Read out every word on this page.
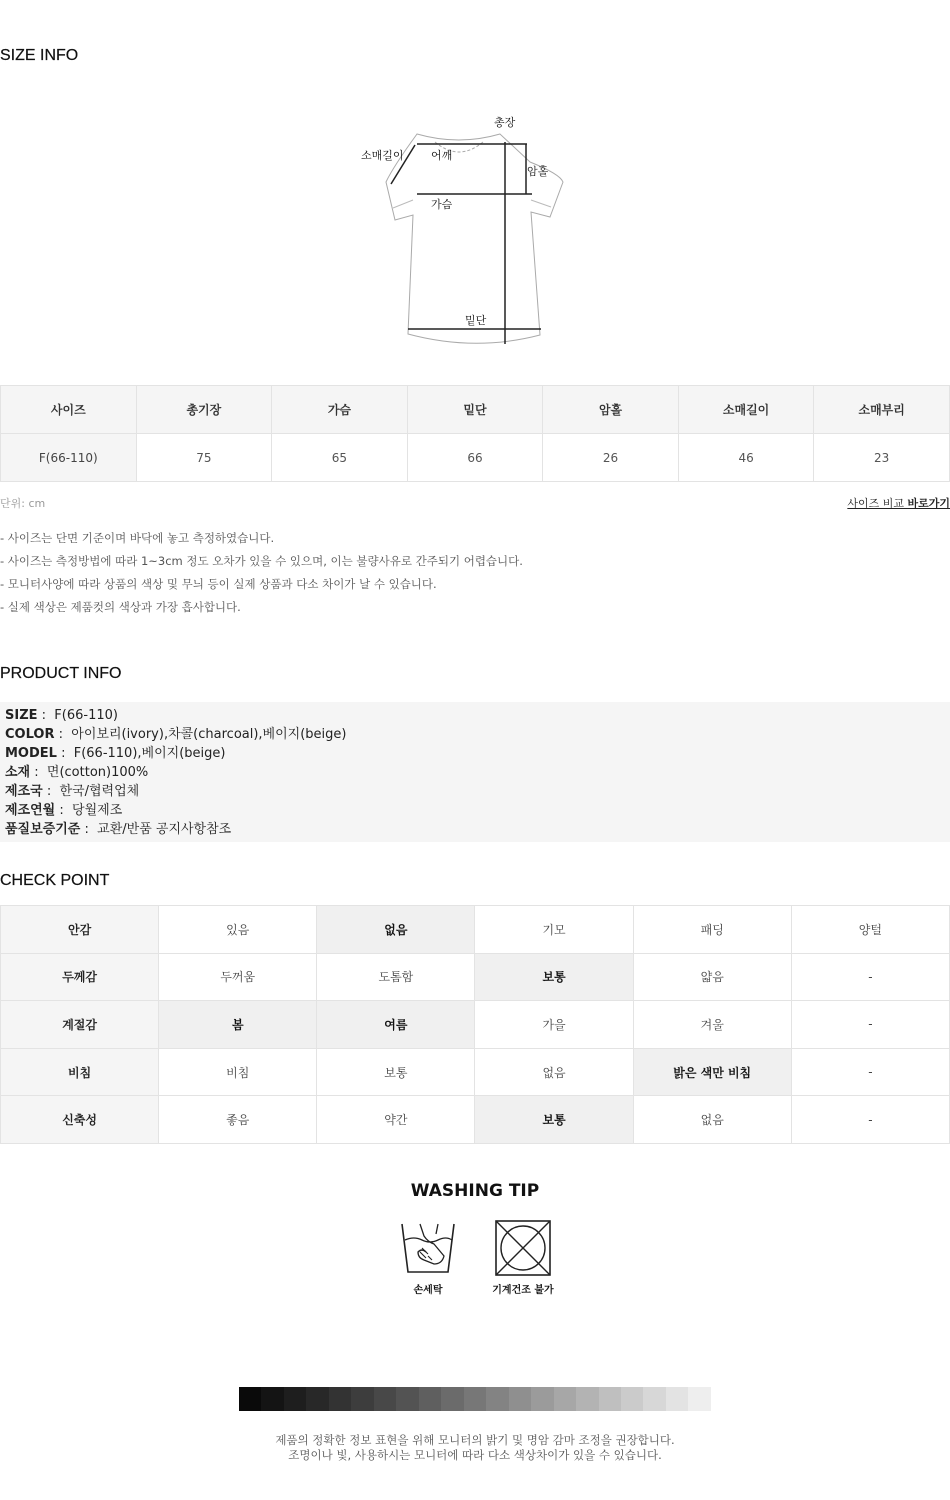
SIZE INFO
총장
소매길이 어깨
암홀
가슴
밑단
사이즈	총기장	가슴	밑단	암홀	소매길이	소매부리
F(66-110)	75	65	66	26	46	23
단위: cm	사이즈 비교 바로가기
- 사이즈는 단면 기준이며 바닥에 놓고 측정하였습니다.
- 사이즈는 측정방법에 따라 1~3cm 정도 오차가 있을 수 있으며, 이는 불량사유로 간주되기 어렵습니다.
- 모니터사양에 따라 상품의 색상 및 무늬 등이 실제 상품과 다소 차이가 날 수 있습니다.
- 실제 색상은 제품컷의 색상과 가장 흡사합니다.
PRODUCT INFO
SIZE :  F(66-110)
COLOR :  아이보리(ivory),차콜(charcoal),베이지(beige)
MODEL :  F(66-110),베이지(beige)
소재 :  면(cotton)100%
제조국 :  한국/협력업체
제조연월 :  당월제조
품질보증기준 :  교환/반품 공지사항참조
CHECK POINT
안감	있음	없음	기모	패딩	양털
두께감	두꺼움	도톰함	보통	얇음	-
계절감	봄	여름	가을	겨울	-
비침	비침	보통	없음	밝은 색만 비침	-
신축성	좋음	약간	보통	없음	-
WASHING TIP
손세탁	기계건조 불가
제품의 정확한 정보 표현을 위해 모니터의 밝기 및 명암 감마 조정을 권장합니다.
조명이나 빛, 사용하시는 모니터에 따라 다소 색상차이가 있을 수 있습니다.
